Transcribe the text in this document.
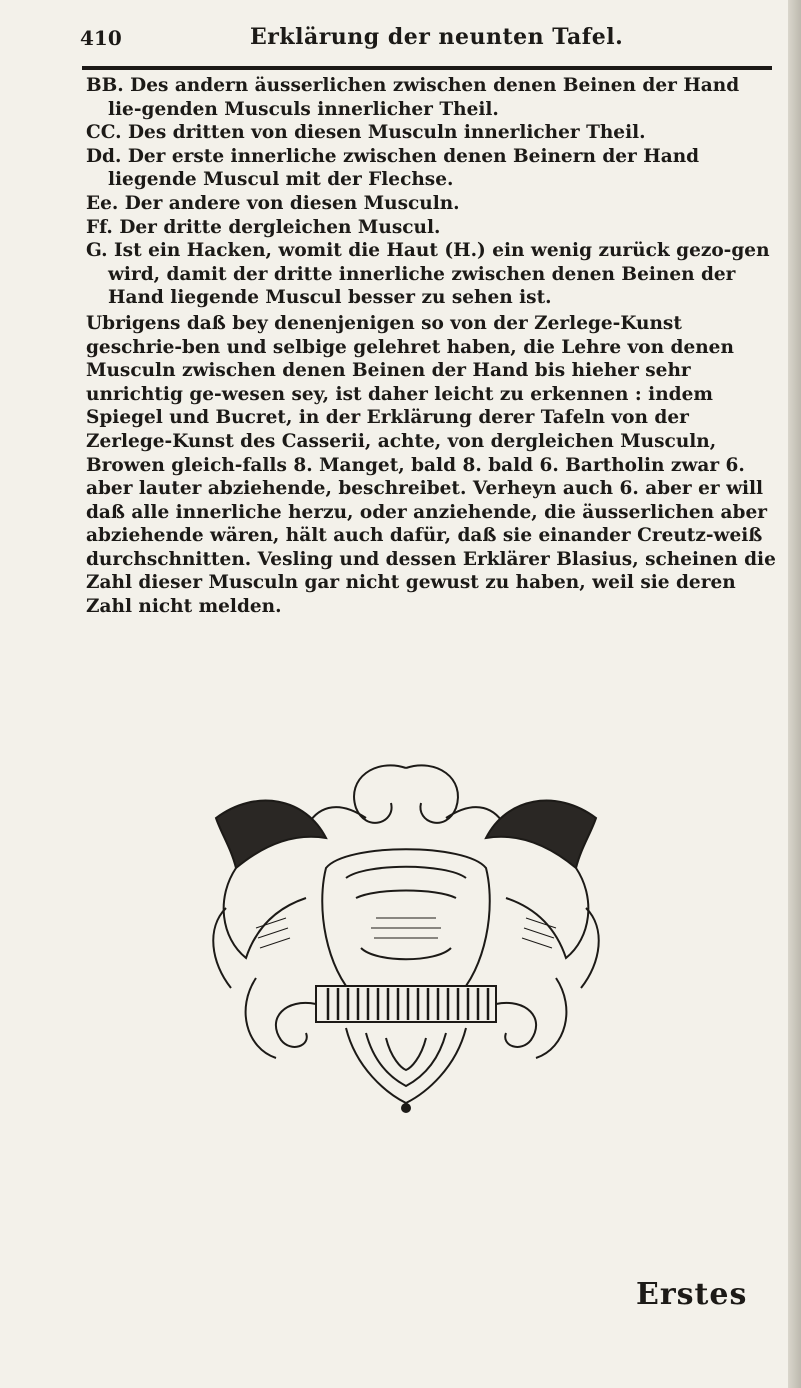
410	Erklärung der neunten Tafel.

BB. Des andern äusserlichen zwischen denen Beinen der Hand lie-genden Musculs innerlicher Theil.

CC. Des dritten von diesen Musculn innerlicher Theil.

Dd. Der erste innerliche zwischen denen Beinern der Hand liegende Muscul mit der Flechse.

Ee. Der andere von diesen Musculn.

Ff. Der dritte dergleichen Muscul.

G. Ist ein Hacken, womit die Haut (H.) ein wenig zurück gezo-gen wird, damit der dritte innerliche zwischen denen Beinen der Hand liegende Muscul besser zu sehen ist.

Ubrigens daß bey denenjenigen so von der Zerlege-Kunst geschrie-ben und selbige gelehret haben, die Lehre von denen Musculn zwischen denen Beinen der Hand bis hieher sehr unrichtig ge-wesen sey, ist daher leicht zu erkennen : indem Spiegel und Bucret, in der Erklärung derer Tafeln von der Zerlege-Kunst des Casserii, achte, von dergleichen Musculn, Browen gleich-falls 8. Manget, bald 8. bald 6. Bartholin zwar 6. aber lauter abziehende, beschreibet. Verheyn auch 6. aber er will daß alle innerliche herzu, oder anziehende, die äusserlichen aber abziehende wären, hält auch dafür, daß sie einander Creutz-weiß durchschnitten. Vesling und dessen Erklärer Blasius, scheinen die Zahl dieser Musculn gar nicht gewust zu haben, weil sie deren Zahl nicht melden.

Erstes
